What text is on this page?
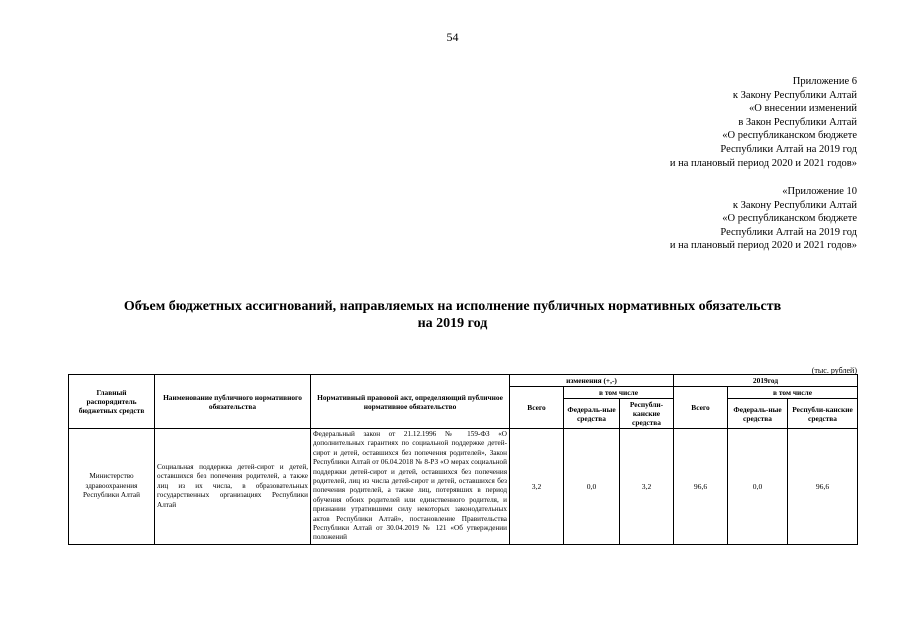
54
Приложение 6
к Закону Республики Алтай
«О внесении изменений
в Закон Республики Алтай
«О республиканском бюджете
Республики Алтай на 2019 год
и на плановый период 2020 и 2021 годов»
«Приложение 10
к Закону Республики Алтай
«О республиканском бюджете
Республики Алтай на 2019 год
и на плановый период 2020 и 2021 годов»
Объем бюджетных ассигнований, направляемых на исполнение публичных нормативных обязательств
на 2019 год
(тыс. рублей)
Главный распорядитель бюджетных средств	Наименование публичного нормативного обязательства	Нормативный правовой акт, определяющий публичное нормативное обязательство	изменения (+,-)			2019год		
			Всего	в том числе		Всего	в том числе	
				Федераль-ные средства	Республи-канские средства		Федераль-ные средства	Республи-канские средства
Министерство здравоохранения Республики Алтай	Социальная поддержка детей-сирот и детей, оставшихся без попечения родителей, а также лиц из их числа, в образовательных государственных организациях Республики Алтай	Федеральный закон от 21.12.1996 № 159-ФЗ «О дополнительных гарантиях по социальной поддержке детей-сирот и детей, оставшихся без попечения родителей», Закон Республики Алтай от 06.04.2018 № 8-РЗ «О мерах социальной поддержки детей-сирот и детей, оставшихся без попечения родителей, лиц из числа детей-сирот и детей, оставшихся без попечения родителей, а также лиц, потерявших в период обучения обоих родителей или единственного родителя, и признании утратившими силу некоторых законодательных актов Республики Алтай», постановление Правительства Республики Алтай от 30.04.2019 № 121 «Об утверждении положений	3,2	0,0	3,2	96,6	0,0	96,6
